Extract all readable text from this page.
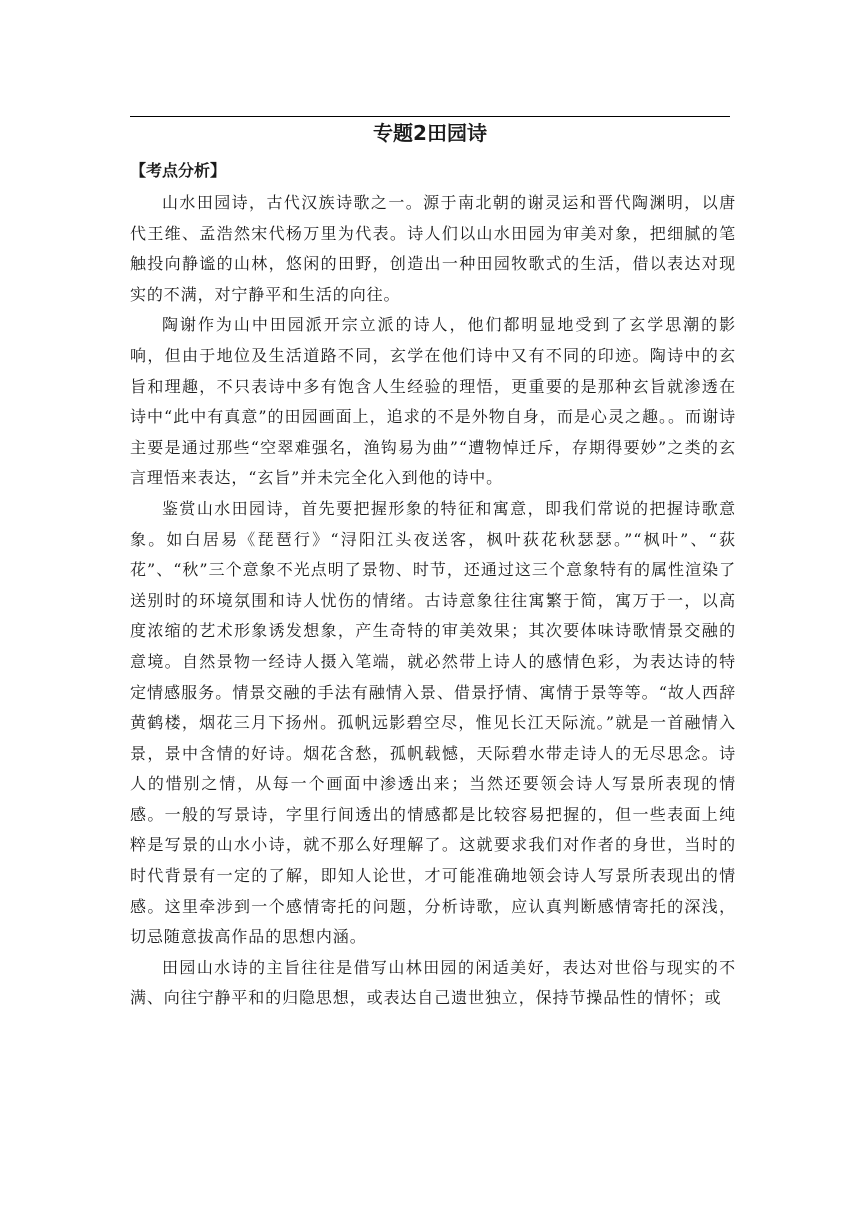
专题2田园诗
【考点分析】

山水田园诗，古代汉族诗歌之一。源于南北朝的谢灵运和晋代陶渊明，以唐代王维、孟浩然宋代杨万里为代表。诗人们以山水田园为审美对象，把细腻的笔触投向静谧的山林，悠闲的田野，创造出一种田园牧歌式的生活，借以表达对现实的不满，对宁静平和生活的向往。

陶谢作为山中田园派开宗立派的诗人，他们都明显地受到了玄学思潮的影响，但由于地位及生活道路不同，玄学在他们诗中又有不同的印迹。陶诗中的玄旨和理趣，不只表诗中多有饱含人生经验的理悟，更重要的是那种玄旨就渗透在诗中“此中有真意”的田园画面上，追求的不是外物自身，而是心灵之趣。。而谢诗主要是通过那些“空翠难强名，渔钩易为曲”“遭物悼迁斥，存期得要妙”之类的玄言理悟来表达，“玄旨”并未完全化入到他的诗中。

鉴赏山水田园诗，首先要把握形象的特征和寓意，即我们常说的把握诗歌意象。如白居易《琵琶行》“浔阳江头夜送客，枫叶荻花秋瑟瑟。”“枫叶”、“荻花”、“秋”三个意象不光点明了景物、时节，还通过这三个意象特有的属性渲染了送别时的环境氛围和诗人忧伤的情绪。古诗意象往往寓繁于简，寓万于一，以高度浓缩的艺术形象诱发想象，产生奇特的审美效果；其次要体味诗歌情景交融的意境。自然景物一经诗人摄入笔端，就必然带上诗人的感情色彩，为表达诗的特定情感服务。情景交融的手法有融情入景、借景抒情、寓情于景等等。“故人西辞黄鹤楼，烟花三月下扬州。孤帆远影碧空尽，惟见长江天际流。”就是一首融情入景，景中含情的好诗。烟花含愁，孤帆载憾，天际碧水带走诗人的无尽思念。诗人的惜别之情，从每一个画面中渗透出来；当然还要领会诗人写景所表现的情感。一般的写景诗，字里行间透出的情感都是比较容易把握的，但一些表面上纯粹是写景的山水小诗，就不那么好理解了。这就要求我们对作者的身世，当时的时代背景有一定的了解，即知人论世，才可能准确地领会诗人写景所表现出的情感。这里牵涉到一个感情寄托的问题，分析诗歌，应认真判断感情寄托的深浅，切忌随意拔高作品的思想内涵。

田园山水诗的主旨往往是借写山林田园的闲适美好，表达对世俗与现实的不满、向往宁静平和的归隐思想，或表达自己遗世独立，保持节操品性的情怀；或
